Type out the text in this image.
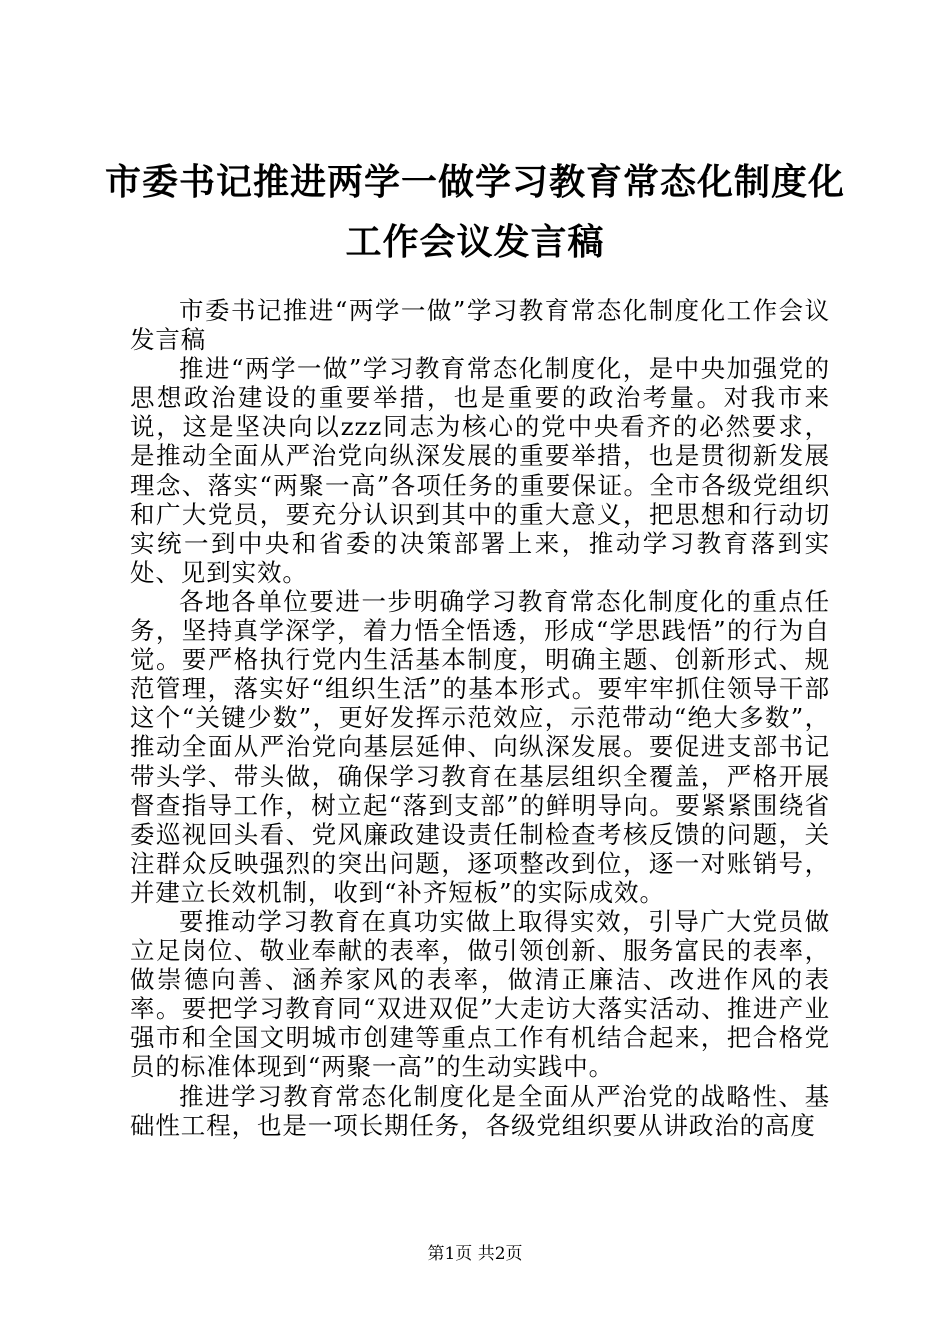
市委书记推进两学一做学习教育常态化制度化
工作会议发言稿

市委书记推进“两学一做”学习教育常态化制度化工作会议发言稿

推进“两学一做”学习教育常态化制度化，是中央加强党的思想政治建设的重要举措，也是重要的政治考量。对我市来说，这是坚决向以zzz同志为核心的党中央看齐的必然要求，是推动全面从严治党向纵深发展的重要举措，也是贯彻新发展理念、落实“两聚一高”各项任务的重要保证。全市各级党组织和广大党员，要充分认识到其中的重大意义，把思想和行动切实统一到中央和省委的决策部署上来，推动学习教育落到实处、见到实效。

各地各单位要进一步明确学习教育常态化制度化的重点任务，坚持真学深学，着力悟全悟透，形成“学思践悟”的行为自觉。要严格执行党内生活基本制度，明确主题、创新形式、规范管理，落实好“组织生活”的基本形式。要牢牢抓住领导干部这个“关键少数”，更好发挥示范效应，示范带动“绝大多数”，推动全面从严治党向基层延伸、向纵深发展。要促进支部书记带头学、带头做，确保学习教育在基层组织全覆盖，严格开展督查指导工作，树立起“落到支部”的鲜明导向。要紧紧围绕省委巡视回头看、党风廉政建设责任制检查考核反馈的问题，关注群众反映强烈的突出问题，逐项整改到位，逐一对账销号，并建立长效机制，收到“补齐短板”的实际成效。

要推动学习教育在真功实做上取得实效，引导广大党员做立足岗位、敬业奉献的表率，做引领创新、服务富民的表率，做崇德向善、涵养家风的表率，做清正廉洁、改进作风的表率。要把学习教育同“双进双促”大走访大落实活动、推进产业强市和全国文明城市创建等重点工作有机结合起来，把合格党员的标准体现到“两聚一高”的生动实践中。

推进学习教育常态化制度化是全面从严治党的战略性、基础性工程，也是一项长期任务，各级党组织要从讲政治的高度

第1页 共2页
